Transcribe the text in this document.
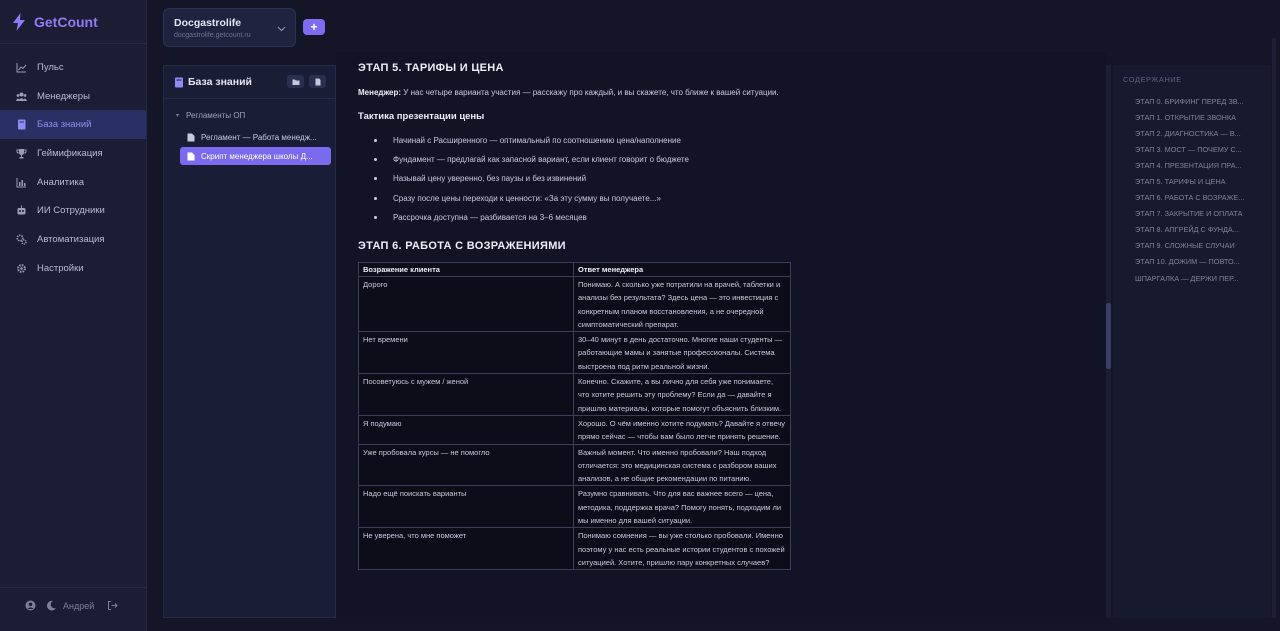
GetCount
Пульс
Менеджеры
База знаний
Геймификация
Аналитика
ИИ Сотрудники
Автоматизация
Настройки
Андрей
Docgastrolife
docgastrolife.getcount.ru
+
База знаний
▾ Регламенты ОП
Регламент — Работа менедж...
Скрипт менеджера школы Д...
ЭТАП 5. ТАРИФЫ И ЦЕНА
Менеджер: У нас четыре варианта участия — расскажу про каждый, и вы скажете, что ближе к вашей ситуации.
Тактика презентации цены
Начинай с Расширенного — оптимальный по соотношению цена/наполнение
Фундамент — предлагай как запасной вариант, если клиент говорит о бюджете
Называй цену уверенно, без паузы и без извинений
Сразу после цены переходи к ценности: «За эту сумму вы получаете...»
Рассрочка доступна — разбивается на 3–6 месяцев
ЭТАП 6. РАБОТА С ВОЗРАЖЕНИЯМИ
Возражение клиента	Ответ менеджера
Дорого	Понимаю. А сколько уже потратили на врачей, таблетки и анализы без результата? Здесь цена — это инвестиция с конкретным планом восстановления, а не очередной симптоматический препарат.
Нет времени	30–40 минут в день достаточно. Многие наши студенты — работающие мамы и занятые профессионалы. Система выстроена под ритм реальной жизни.
Посоветуюсь с мужем / женой	Конечно. Скажите, а вы лично для себя уже понимаете, что хотите решить эту проблему? Если да — давайте я пришлю материалы, которые помогут объяснить близким.
Я подумаю	Хорошо. О чём именно хотите подумать? Давайте я отвечу прямо сейчас — чтобы вам было легче принять решение.
Уже пробовала курсы — не помогло	Важный момент. Что именно пробовали? Наш подход отличается: это медицинская система с разбором ваших анализов, а не общие рекомендации по питанию.
Надо ещё поискать варианты	Разумно сравнивать. Что для вас важнее всего — цена, методика, поддержка врача? Помогу понять, подходим ли мы именно для вашей ситуации.
Не уверена, что мне поможет	Понимаю сомнения — вы уже столько пробовали. Именно поэтому у нас есть реальные истории студентов с похожей ситуацией. Хотите, пришлю пару конкретных случаев?
СОДЕРЖАНИЕ
ЭТАП 0. БРИФИНГ ПЕРЕД ЗВ...
ЭТАП 1. ОТКРЫТИЕ ЗВОНКА
ЭТАП 2. ДИАГНОСТИКА — В...
ЭТАП 3. МОСТ — ПОЧЕМУ С...
ЭТАП 4. ПРЕЗЕНТАЦИЯ ПРА...
ЭТАП 5. ТАРИФЫ И ЦЕНА
ЭТАП 6. РАБОТА С ВОЗРАЖЕ...
ЭТАП 7. ЗАКРЫТИЕ И ОПЛАТА
ЭТАП 8. АПГРЕЙД С ФУНДА...
ЭТАП 9. СЛОЖНЫЕ СЛУЧАИ
ЭТАП 10. ДОЖИМ — ПОВТО...
ШПАРГАЛКА — ДЕРЖИ ПЕР...
